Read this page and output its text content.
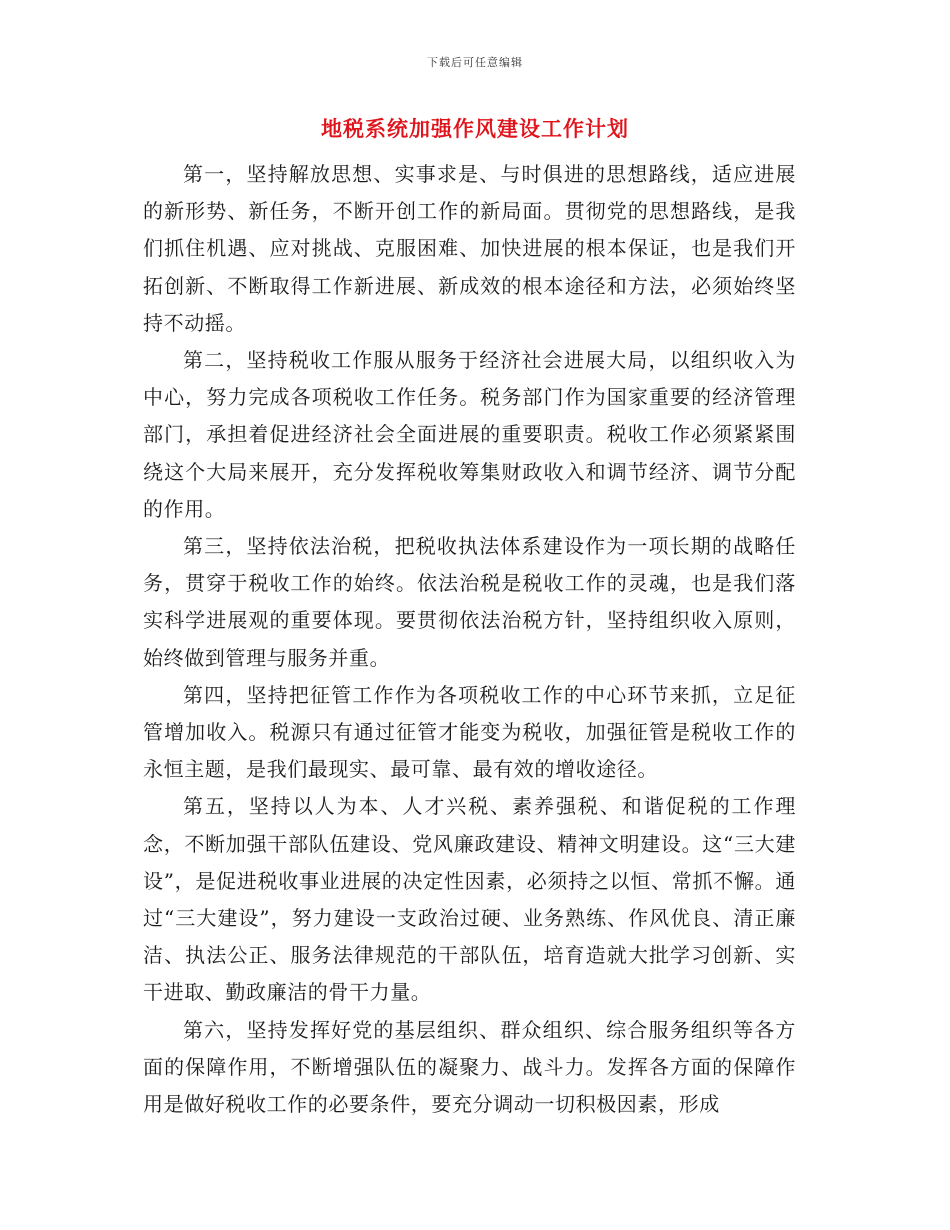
下载后可任意编辑
地税系统加强作风建设工作计划

第一，坚持解放思想、实事求是、与时俱进的思想路线，适应进展的新形势、新任务，不断开创工作的新局面。贯彻党的思想路线，是我们抓住机遇、应对挑战、克服困难、加快进展的根本保证，也是我们开拓创新、不断取得工作新进展、新成效的根本途径和方法，必须始终坚持不动摇。

第二，坚持税收工作服从服务于经济社会进展大局，以组织收入为中心，努力完成各项税收工作任务。税务部门作为国家重要的经济管理部门，承担着促进经济社会全面进展的重要职责。税收工作必须紧紧围绕这个大局来展开，充分发挥税收筹集财政收入和调节经济、调节分配的作用。

第三，坚持依法治税，把税收执法体系建设作为一项长期的战略任务，贯穿于税收工作的始终。依法治税是税收工作的灵魂，也是我们落实科学进展观的重要体现。要贯彻依法治税方针，坚持组织收入原则，始终做到管理与服务并重。

第四，坚持把征管工作作为各项税收工作的中心环节来抓，立足征管增加收入。税源只有通过征管才能变为税收，加强征管是税收工作的永恒主题，是我们最现实、最可靠、最有效的增收途径。

第五，坚持以人为本、人才兴税、素养强税、和谐促税的工作理念，不断加强干部队伍建设、党风廉政建设、精神文明建设。这“三大建设”，是促进税收事业进展的决定性因素，必须持之以恒、常抓不懈。通过“三大建设”，努力建设一支政治过硬、业务熟练、作风优良、清正廉洁、执法公正、服务法律规范的干部队伍，培育造就大批学习创新、实干进取、勤政廉洁的骨干力量。

第六，坚持发挥好党的基层组织、群众组织、综合服务组织等各方面的保障作用，不断增强队伍的凝聚力、战斗力。发挥各方面的保障作用是做好税收工作的必要条件，要充分调动一切积极因素，形成
